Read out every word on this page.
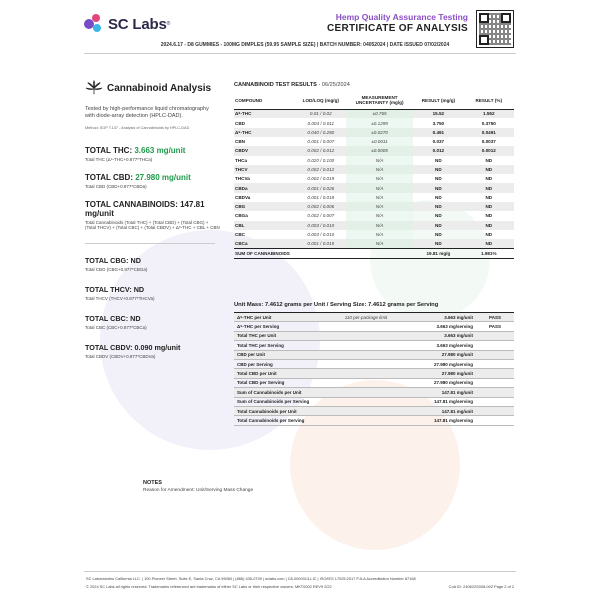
SC Labs ®
Hemp Quality Assurance Testing
CERTIFICATE OF ANALYSIS
2024.6.17 - D8 GUMMIES - 100MG DIMPLES (59.95 SAMPLE SIZE) | BATCH NUMBER: 04052024 | DATE ISSUED 07/02/2024
Cannabinoid Analysis
Tested by high-performance liquid chromatography with diode-array detection (HPLC-DAD).
Method: SOP T.137 - Analysis of Cannabinoids by HPLC-DAD
TOTAL THC: 3.663 mg/unit
Total THC (Δ⁹-THC+0.877*THCa)
TOTAL CBD: 27.980 mg/unit
Total CBD (CBD+0.877*CBDa)
TOTAL CANNABINOIDS: 147.81 mg/unit
Total Cannabinoids (Total THC) + (Total CBD) + (Total CBG) + (Total THCV) + (Total CBC) + (Total CBDV) + Δ⁸-THC + CBL + CBN
TOTAL CBG: ND
Total CBG (CBG+0.877*CBGa)
TOTAL THCV: ND
Total THCV (THCV+0.877*THCVa)
TOTAL CBC: ND
Total CBC (CBC+0.877*CBCa)
TOTAL CBDV: 0.090 mg/unit
Total CBDV (CBDV+0.877*CBDVa)
CANNABINOID TEST RESULTS - 06/25/2024
COMPOUND	LOD/LOQ (mg/g)	MEASUREMENT UNCERTAINTY (mg/g)	RESULT (mg/g)	RESULT (%)
Δ⁸-THC	0.01 / 0.02	±0.765	15.52	1.552
CBD	0.004 / 0.011	±0.1299	3.750	0.3750
Δ⁹-THC	0.040 / 0.280	±0.0270	0.491	0.0491
CBN	0.001 / 0.007	±0.0011	0.037	0.0037
CBDV	0.002 / 0.012	±0.0005	0.012	0.0012
THCa	0.020 / 0.100	N/A	ND	ND
THCV	0.002 / 0.012	N/A	ND	ND
THCVa	0.002 / 0.019	N/A	ND	ND
CBDa	0.001 / 0.026	N/A	ND	ND
CBDVa	0.001 / 0.018	N/A	ND	ND
CBG	0.002 / 0.006	N/A	ND	ND
CBGa	0.002 / 0.007	N/A	ND	ND
CBL	0.003 / 0.010	N/A	ND	ND
CBC	0.003 / 0.010	N/A	ND	ND
CBCa	0.001 / 0.015	N/A	ND	ND
SUM OF CANNABINOIDS			19.81 mg/g	1.981%
Unit Mass: 7.4612 grams per Unit / Serving Size: 7.4612 grams per Serving
Δ⁹-THC per Unit	110 per-package limit	3.663 mg/unit	PASS
Δ⁹-THC per Serving		3.663 mg/serving	PASS
Total THC per Unit		3.663 mg/unit	
Total THC per Serving		3.663 mg/serving	
CBD per Unit		27.980 mg/unit	
CBD per Serving		27.980 mg/serving	
Total CBD per Unit		27.980 mg/unit	
Total CBD per Serving		27.980 mg/serving	
Sum of Cannabinoids per Unit		147.81 mg/unit	
Sum of Cannabinoids per Serving		147.81 mg/serving	
Total Cannabinoids per Unit		147.81 mg/unit	
Total Cannabinoids per Serving		147.81 mg/serving	
NOTES
Reason for Amendment: Unit/Serving Mass Change
SC Laboratories California LLC. | 100 Pioneer Street, Suite E, Santa Cruz, CA 95060 | (866) 435-0709 | sclabs.com | C8-0000013-LIC | ISO/IES 17025:2017 PJLA Accreditation Number 87168
© 2024 SC Labs all rights reserved. Trademarks referenced are trademarks of either SC Labs or their respective owners. MKT0002 REV9 2/22	CoA ID: 240622S008-002 Page 2 of 2
